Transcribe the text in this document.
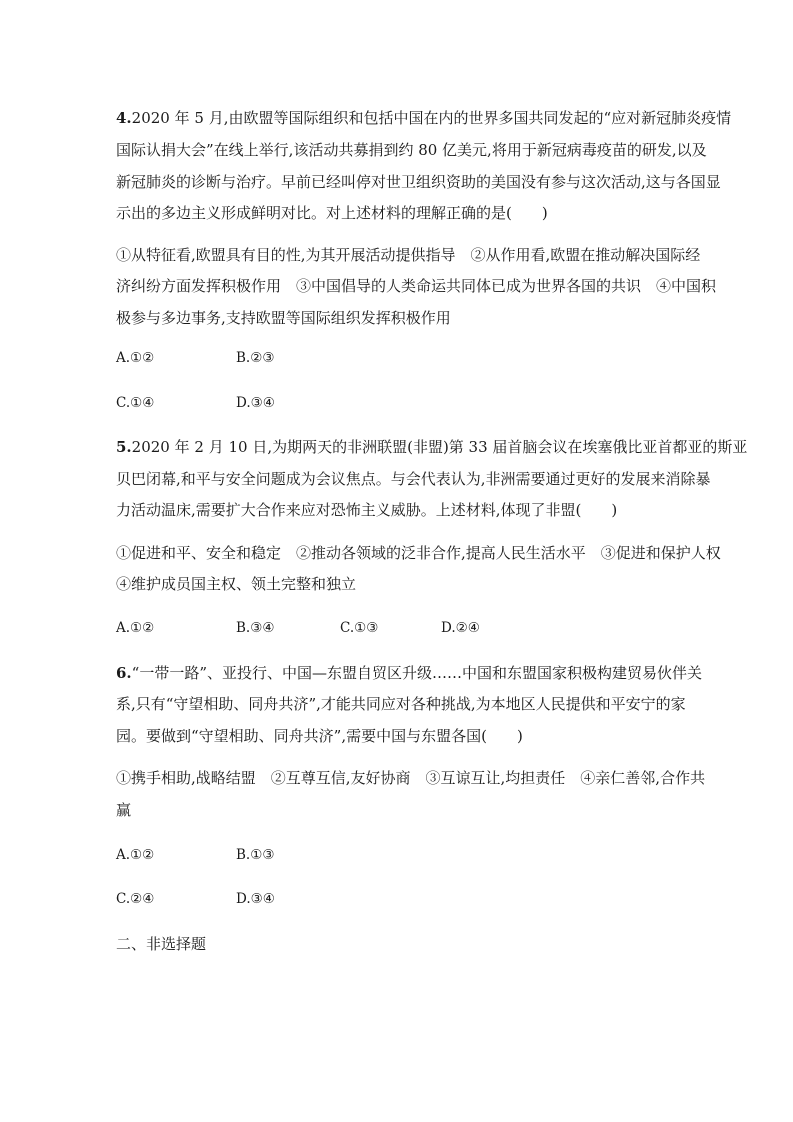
4.2020 年 5 月,由欧盟等国际组织和包括中国在内的世界多国共同发起的“应对新冠肺炎疫情
国际认捐大会”在线上举行,该活动共募捐到约 80 亿美元,将用于新冠病毒疫苗的研发,以及
新冠肺炎的诊断与治疗。早前已经叫停对世卫组织资助的美国没有参与这次活动,这与各国显
示出的多边主义形成鲜明对比。对上述材料的理解正确的是(　　)
①从特征看,欧盟具有目的性,为其开展活动提供指导　②从作用看,欧盟在推动解决国际经
济纠纷方面发挥积极作用　③中国倡导的人类命运共同体已成为世界各国的共识　④中国积
极参与多边事务,支持欧盟等国际组织发挥积极作用
A.①②	B.②③
C.①④	D.③④
5.2020 年 2 月 10 日,为期两天的非洲联盟(非盟)第 33 届首脑会议在埃塞俄比亚首都亚的斯亚
贝巴闭幕,和平与安全问题成为会议焦点。与会代表认为,非洲需要通过更好的发展来消除暴
力活动温床,需要扩大合作来应对恐怖主义威胁。上述材料,体现了非盟(　　)
①促进和平、安全和稳定　②推动各领域的泛非合作,提高人民生活水平　③促进和保护人权
④维护成员国主权、领土完整和独立
A.①②	B.③④	C.①③	D.②④
6.“一带一路”、亚投行、中国—东盟自贸区升级……中国和东盟国家积极构建贸易伙伴关
系,只有“守望相助、同舟共济”,才能共同应对各种挑战,为本地区人民提供和平安宁的家
园。要做到“守望相助、同舟共济”,需要中国与东盟各国(　　)
①携手相助,战略结盟　②互尊互信,友好协商　③互谅互让,均担责任　④亲仁善邻,合作共
赢
A.①②	B.①③
C.②④	D.③④
二、非选择题
